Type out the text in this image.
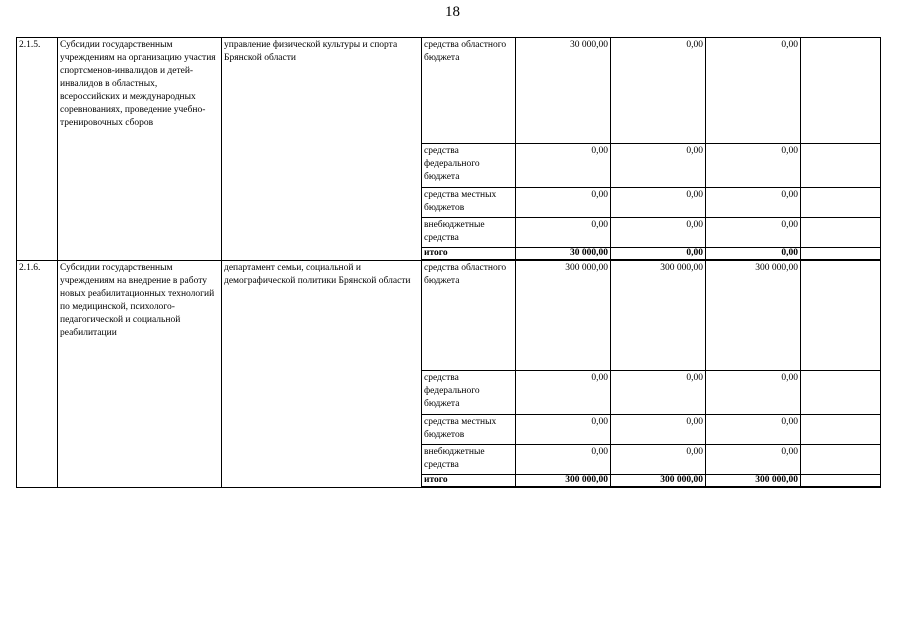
18
2.1.5.	Субсидии государственным учреждениям на организацию участия спортсменов-инвалидов и детей-инвалидов в областных, всероссийских и международных соревнованиях, проведение учебно-тренировочных сборов	управление физической культуры и спорта Брянской области	средства областного бюджета	30 000,00	0,00	0,00	
			средства федерального бюджета	0,00	0,00	0,00	
			средства местных бюджетов	0,00	0,00	0,00	
			внебюджетные средства	0,00	0,00	0,00	
			итого	30 000,00	0,00	0,00	
2.1.6.	Субсидии государственным учреждениям на внедрение в работу новых реабилитационных технологий по медицинской, психолого-педагогической и социальной реабилитации	департамент семьи, социальной и демографической политики Брянской области	средства областного бюджета	300 000,00	300 000,00	300 000,00	
			средства федерального бюджета	0,00	0,00	0,00	
			средства местных бюджетов	0,00	0,00	0,00	
			внебюджетные средства	0,00	0,00	0,00	
			итого	300 000,00	300 000,00	300 000,00	
